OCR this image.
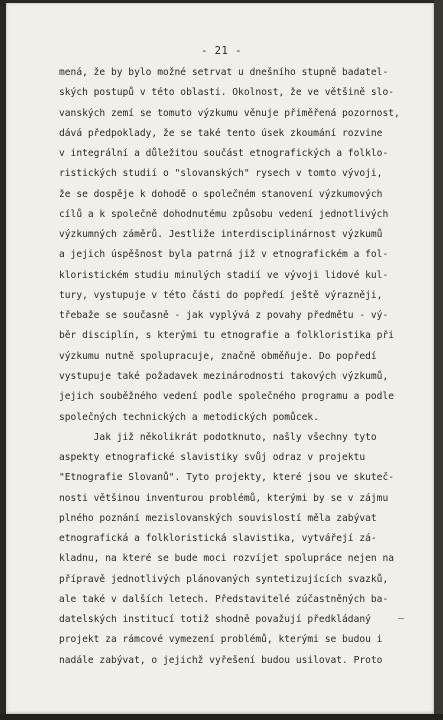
- 21 -
mená, že by bylo možné setrvat u dnešního stupně badatel-
ských postupů v této oblasti. Okolnost, že ve většině slo-
vanských zemí se tomuto výzkumu věnuje přiměřená pozornost,
dává předpoklady, že se také tento úsek zkoumání rozvine
v integrální a důležitou součást etnografických a folklo-
ristických studií o "slovanských" rysech v tomto vývoji,
že se dospěje k dohodě o společném stanovení výzkumových
cílů a k společně dohodnutému způsobu vedení jednotlivých
výzkumných záměrů. Jestliže interdisciplinárnost výzkumů
a jejich úspěšnost byla patrná již v etnografickém a fol-
kloristickém studiu minulých stadií ve vývoji lidové kul-
tury, vystupuje v této části do popředí ještě výrazněji,
třebaže se současně - jak vyplývá z povahy předmětu - vý-
běr disciplín, s kterými tu etnografie a folkloristika při
výzkumu nutně spolupracuje, značně obměňuje. Do popředí
vystupuje také požadavek mezinárodnosti takových výzkumů,
jejich souběžného vedení podle společného programu a podle
společných technických a metodických pomůcek.
Jak již několikrát podotknuto, našly všechny tyto
aspekty etnografické slavistiky svůj odraz v projektu
"Etnografie Slovanů". Tyto projekty, které jsou ve skuteč-
nosti většinou inventurou problémů, kterými by se v zájmu
plného poznání mezislovanských souvislostí měla zabývat
etnografická a folkloristická slavistika, vytvářejí zá-
kladnu, na které se bude moci rozvíjet spolupráce nejen na
přípravě jednotlivých plánovaných syntetizujících svazků,
ale také v dalších letech. Představitelé zúčastněných ba-
datelských institucí totiž shodně považují předkládaný
projekt za rámcové vymezení problémů, kterými se budou i
nadále zabývat, o jejichž vyřešení budou usilovat. Proto
